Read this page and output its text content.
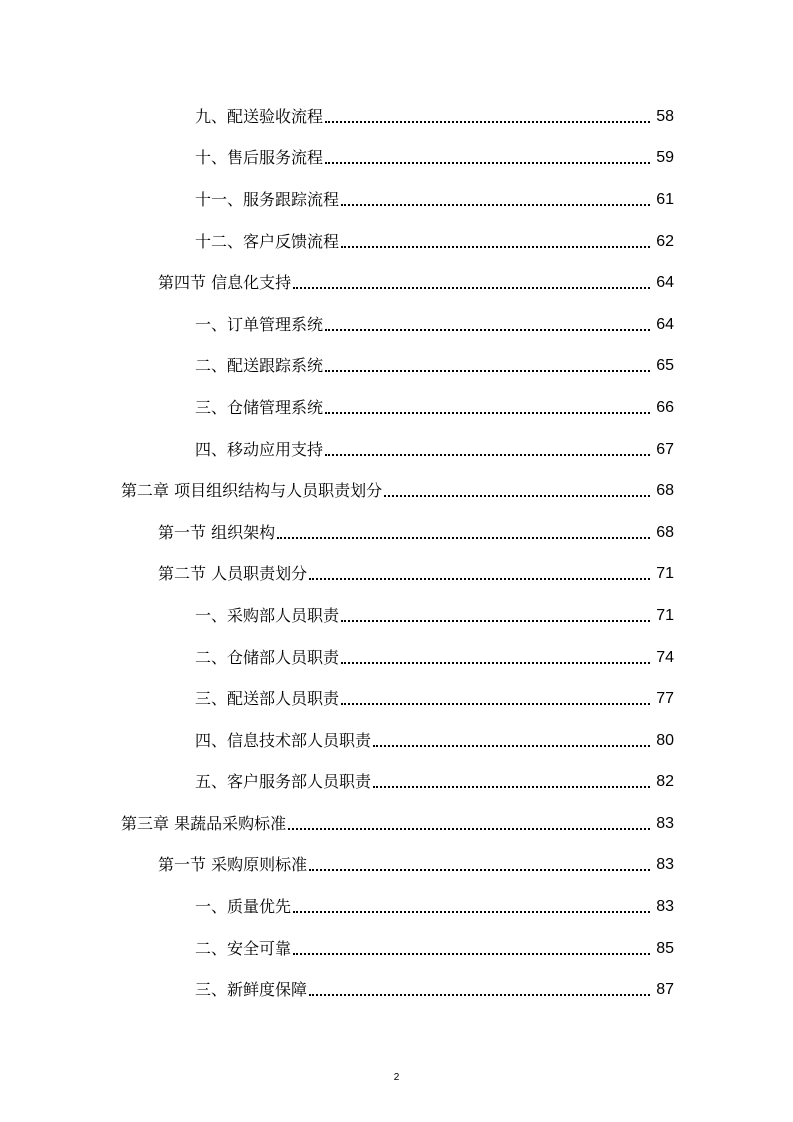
九、配送验收流程	58
十、售后服务流程	59
十一、服务跟踪流程	61
十二、客户反馈流程	62
第四节 信息化支持	64
一、订单管理系统	64
二、配送跟踪系统	65
三、仓储管理系统	66
四、移动应用支持	67
第二章 项目组织结构与人员职责划分	68
第一节 组织架构	68
第二节 人员职责划分	71
一、采购部人员职责	71
二、仓储部人员职责	74
三、配送部人员职责	77
四、信息技术部人员职责	80
五、客户服务部人员职责	82
第三章 果蔬品采购标准	83
第一节 采购原则标准	83
一、质量优先	83
二、安全可靠	85
三、新鲜度保障	87
2
